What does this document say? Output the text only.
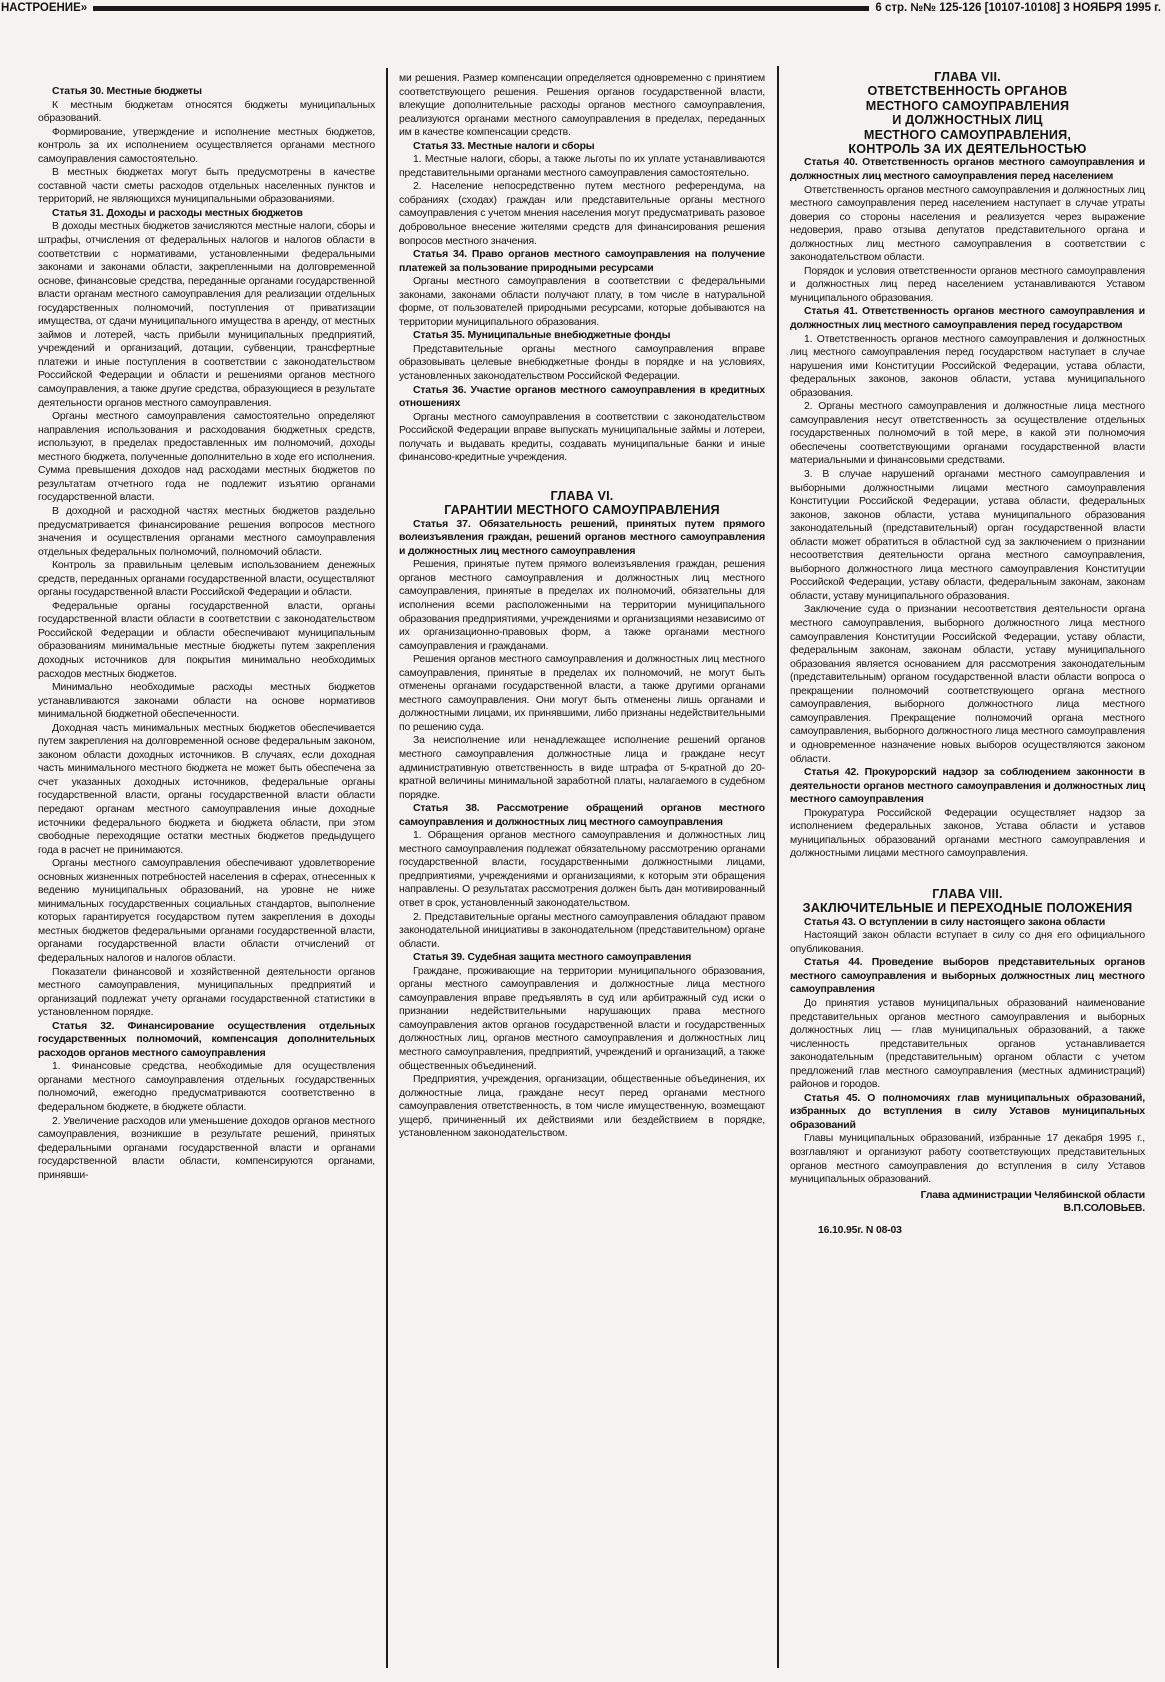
НАСТРОЕНИЕ»	6 стр. №№ 125-126 [10107-10108] 3 НОЯБРЯ 1995 г.

Статья 30. Местные бюджеты

К местным бюджетам относятся бюджеты муниципальных образований.

Формирование, утверждение и исполнение местных бюджетов, контроль за их исполнением осуществляется органами местного самоуправления самостоятельно.

В местных бюджетах могут быть предусмотрены в качестве составной части сметы расходов отдельных населенных пунктов и территорий, не являющихся муниципальными образованиями.

Статья 31. Доходы и расходы местных бюджетов

В доходы местных бюджетов зачисляются местные налоги, сборы и штрафы, отчисления от федеральных налогов и налогов области в соответствии с нормативами, установленными федеральными законами и законами области, закрепленными на долговременной основе, финансовые средства, переданные органами государственной власти органам местного самоуправления для реализации отдельных государственных полномочий, поступления от приватизации имущества, от сдачи муниципального имущества в аренду, от местных займов и лотерей, часть прибыли муниципальных предприятий, учреждений и организаций, дотации, субвенции, трансфертные платежи и иные поступления в соответствии с законодательством Российской Федерации и области и решениями органов местного самоуправления, а также другие средства, образующиеся в результате деятельности органов местного самоуправления.

Органы местного самоуправления самостоятельно определяют направления использования и расходования бюджетных средств, используют, в пределах предоставленных им полномочий, доходы местного бюджета, полученные дополнительно в ходе его исполнения. Сумма превышения доходов над расходами местных бюджетов по результатам отчетного года не подлежит изъятию органами государственной власти.

В доходной и расходной частях местных бюджетов раздельно предусматривается финансирование решения вопросов местного значения и осуществления органами местного самоуправления отдельных федеральных полномочий, полномочий области.

Контроль за правильным целевым использованием денежных средств, переданных органами государственной власти, осуществляют органы государственной власти Российской Федерации и области.

Федеральные органы государственной власти, органы государственной власти области в соответствии с законодательством Российской Федерации и области обеспечивают муниципальным образованиям минимальные местные бюджеты путем закрепления доходных источников для покрытия минимально необходимых расходов местных бюджетов.

Минимально необходимые расходы местных бюджетов устанавливаются законами области на основе нормативов минимальной бюджетной обеспеченности.

Доходная часть минимальных местных бюджетов обеспечивается путем закрепления на долговременной основе федеральным законом, законом области доходных источников. В случаях, если доходная часть минимального местного бюджета не может быть обеспечена за счет указанных доходных источников, федеральные органы государственной власти, органы государственной власти области передают органам местного самоуправления иные доходные источники федерального бюджета и бюджета области, при этом свободные переходящие остатки местных бюджетов предыдущего года в расчет не принимаются.

Органы местного самоуправления обеспечивают удовлетворение основных жизненных потребностей населения в сферах, отнесенных к ведению муниципальных образований, на уровне не ниже минимальных государственных социальных стандартов, выполнение которых гарантируется государством путем закрепления в доходы местных бюджетов федеральными органами государственной власти, органами государственной власти области отчислений от федеральных налогов и налогов области.

Показатели финансовой и хозяйственной деятельности органов местного самоуправления, муниципальных предприятий и организаций подлежат учету органами государственной статистики в установленном порядке.

Статья 32. Финансирование осуществления отдельных государственных полномочий, компенсация дополнительных расходов органов местного самоуправления

1. Финансовые средства, необходимые для осуществления органами местного самоуправления отдельных государственных полномочий, ежегодно предусматриваются соответственно в федеральном бюджете, в бюджете области.

2. Увеличение расходов или уменьшение доходов органов местного самоуправления, возникшие в результате решений, принятых федеральными органами государственной власти и органами государственной власти области, компенсируются органами, принявши-

ми решения. Размер компенсации определяется одновременно с принятием соответствующего решения. Решения органов государственной власти, влекущие дополнительные расходы органов местного самоуправления, реализуются органами местного самоуправления в пределах, переданных им в качестве компенсации средств.

Статья 33. Местные налоги и сборы

1. Местные налоги, сборы, а также льготы по их уплате устанавливаются представительными органами местного самоуправления самостоятельно.

2. Население непосредственно путем местного референдума, на собраниях (сходах) граждан или представительные органы местного самоуправления с учетом мнения населения могут предусматривать разовое добровольное внесение жителями средств для финансирования решения вопросов местного значения.

Статья 34. Право органов местного самоуправления на получение платежей за пользование природными ресурсами

Органы местного самоуправления в соответствии с федеральными законами, законами области получают плату, в том числе в натуральной форме, от пользователей природными ресурсами, которые добываются на территории муниципального образования.

Статья 35. Муниципальные внебюджетные фонды

Представительные органы местного самоуправления вправе образовывать целевые внебюджетные фонды в порядке и на условиях, установленных законодательством Российской Федерации.

Статья 36. Участие органов местного самоуправления в кредитных отношениях

Органы местного самоуправления в соответствии с законодательством Российской Федерации вправе выпускать муниципальные займы и лотереи, получать и выдавать кредиты, создавать муниципальные банки и иные финансово-кредитные учреждения.

ГЛАВА VI.
ГАРАНТИИ МЕСТНОГО САМОУПРАВЛЕНИЯ

Статья 37. Обязательность решений, принятых путем прямого волеизъявления граждан, решений органов местного самоуправления и должностных лиц местного самоуправления

Решения, принятые путем прямого волеизъявления граждан, решения органов местного самоуправления и должностных лиц местного самоуправления, принятые в пределах их полномочий, обязательны для исполнения всеми расположенными на территории муниципального образования предприятиями, учреждениями и организациями независимо от их организационно-правовых форм, а также органами местного самоуправления и гражданами.

Решения органов местного самоуправления и должностных лиц местного самоуправления, принятые в пределах их полномочий, не могут быть отменены органами государственной власти, а также другими органами местного самоуправления. Они могут быть отменены лишь органами и должностными лицами, их принявшими, либо признаны недействительными по решению суда.

За неисполнение или ненадлежащее исполнение решений органов местного самоуправления должностные лица и граждане несут административную ответственность в виде штрафа от 5-кратной до 20-кратной величины минимальной заработной платы, налагаемого в судебном порядке.

Статья 38. Рассмотрение обращений органов местного самоуправления и должностных лиц местного самоуправления

1. Обращения органов местного самоуправления и должностных лиц местного самоуправления подлежат обязательному рассмотрению органами государственной власти, государственными должностными лицами, предприятиями, учреждениями и организациями, к которым эти обращения направлены. О результатах рассмотрения должен быть дан мотивированный ответ в срок, установленный законодательством.

2. Представительные органы местного самоуправления обладают правом законодательной инициативы в законодательном (представительном) органе области.

Статья 39. Судебная защита местного самоуправления

Граждане, проживающие на территории муниципального образования, органы местного самоуправления и должностные лица местного самоуправления вправе предъявлять в суд или арбитражный суд иски о признании недействительными нарушающих права местного самоуправления актов органов государственной власти и государственных должностных лиц, органов местного самоуправления и должностных лиц местного самоуправления, предприятий, учреждений и организаций, а также общественных объединений.

Предприятия, учреждения, организации, общественные объединения, их должностные лица, граждане несут перед органами местного самоуправления ответственность, в том числе имущественную, возмещают ущерб, причиненный их действиями или бездействием в порядке, установленном законодательством.

ГЛАВА VII.
ОТВЕТСТВЕННОСТЬ ОРГАНОВ
МЕСТНОГО САМОУПРАВЛЕНИЯ
И ДОЛЖНОСТНЫХ ЛИЦ
МЕСТНОГО САМОУПРАВЛЕНИЯ,
КОНТРОЛЬ ЗА ИХ ДЕЯТЕЛЬНОСТЬЮ

Статья 40. Ответственность органов местного самоуправления и должностных лиц местного самоуправления перед населением

Ответственность органов местного самоуправления и должностных лиц местного самоуправления перед населением наступает в случае утраты доверия со стороны населения и реализуется через выражение недоверия, право отзыва депутатов представительного органа и должностных лиц местного самоуправления в соответствии с законодательством области.

Порядок и условия ответственности органов местного самоуправления и должностных лиц перед населением устанавливаются Уставом муниципального образования.

Статья 41. Ответственность органов местного самоуправления и должностных лиц местного самоуправления перед государством

1. Ответственность органов местного самоуправления и должностных лиц местного самоуправления перед государством наступает в случае нарушения ими Конституции Российской Федерации, устава области, федеральных законов, законов области, устава муниципального образования.

2. Органы местного самоуправления и должностные лица местного самоуправления несут ответственность за осуществление отдельных государственных полномочий в той мере, в какой эти полномочия обеспечены соответствующими органами государственной власти материальными и финансовыми средствами.

3. В случае нарушений органами местного самоуправления и выборными должностными лицами местного самоуправления Конституции Российской Федерации, устава области, федеральных законов, законов области, устава муниципального образования законодательный (представительный) орган государственной власти области может обратиться в областной суд за заключением о признании несоответствия деятельности органа местного самоуправления, выборного должностного лица местного самоуправления Конституции Российской Федерации, уставу области, федеральным законам, законам области, уставу муниципального образования.

Заключение суда о признании несоответствия деятельности органа местного самоуправления, выборного должностного лица местного самоуправления Конституции Российской Федерации, уставу области, федеральным законам, законам области, уставу муниципального образования является основанием для рассмотрения законодательным (представительным) органом государственной власти области вопроса о прекращении полномочий соответствующего органа местного самоуправления, выборного должностного лица местного самоуправления. Прекращение полномочий органа местного самоуправления, выборного должностного лица местного самоуправления и одновременное назначение новых выборов осуществляются законом области.

Статья 42. Прокурорский надзор за соблюдением законности в деятельности органов местного самоуправления и должностных лиц местного самоуправления

Прокуратура Российской Федерации осуществляет надзор за исполнением федеральных законов, Устава области и уставов муниципальных образований органами местного самоуправления и должностными лицами местного самоуправления.

ГЛАВА VIII.
ЗАКЛЮЧИТЕЛЬНЫЕ И ПЕРЕХОДНЫЕ ПОЛОЖЕНИЯ

Статья 43. О вступлении в силу настоящего закона области

Настоящий закон области вступает в силу со дня его официального опубликования.

Статья 44. Проведение выборов представительных органов местного самоуправления и выборных должностных лиц местного самоуправления

До принятия уставов муниципальных образований наименование представительных органов местного самоуправления и выборных должностных лиц — глав муниципальных образований, а также численность представительных органов устанавливается законодательным (представительным) органом области с учетом предложений глав местного самоуправления (местных администраций) районов и городов.

Статья 45. О полномочиях глав муниципальных образований, избранных до вступления в силу Уставов муниципальных образований

Главы муниципальных образований, избранные 17 декабря 1995 г., возглавляют и организуют работу соответствующих представительных органов местного самоуправления до вступления в силу Уставов муниципальных образований.

Глава администрации Челябинской области
В.П.СОЛОВЬЕВ.

16.10.95г. N 08-03
